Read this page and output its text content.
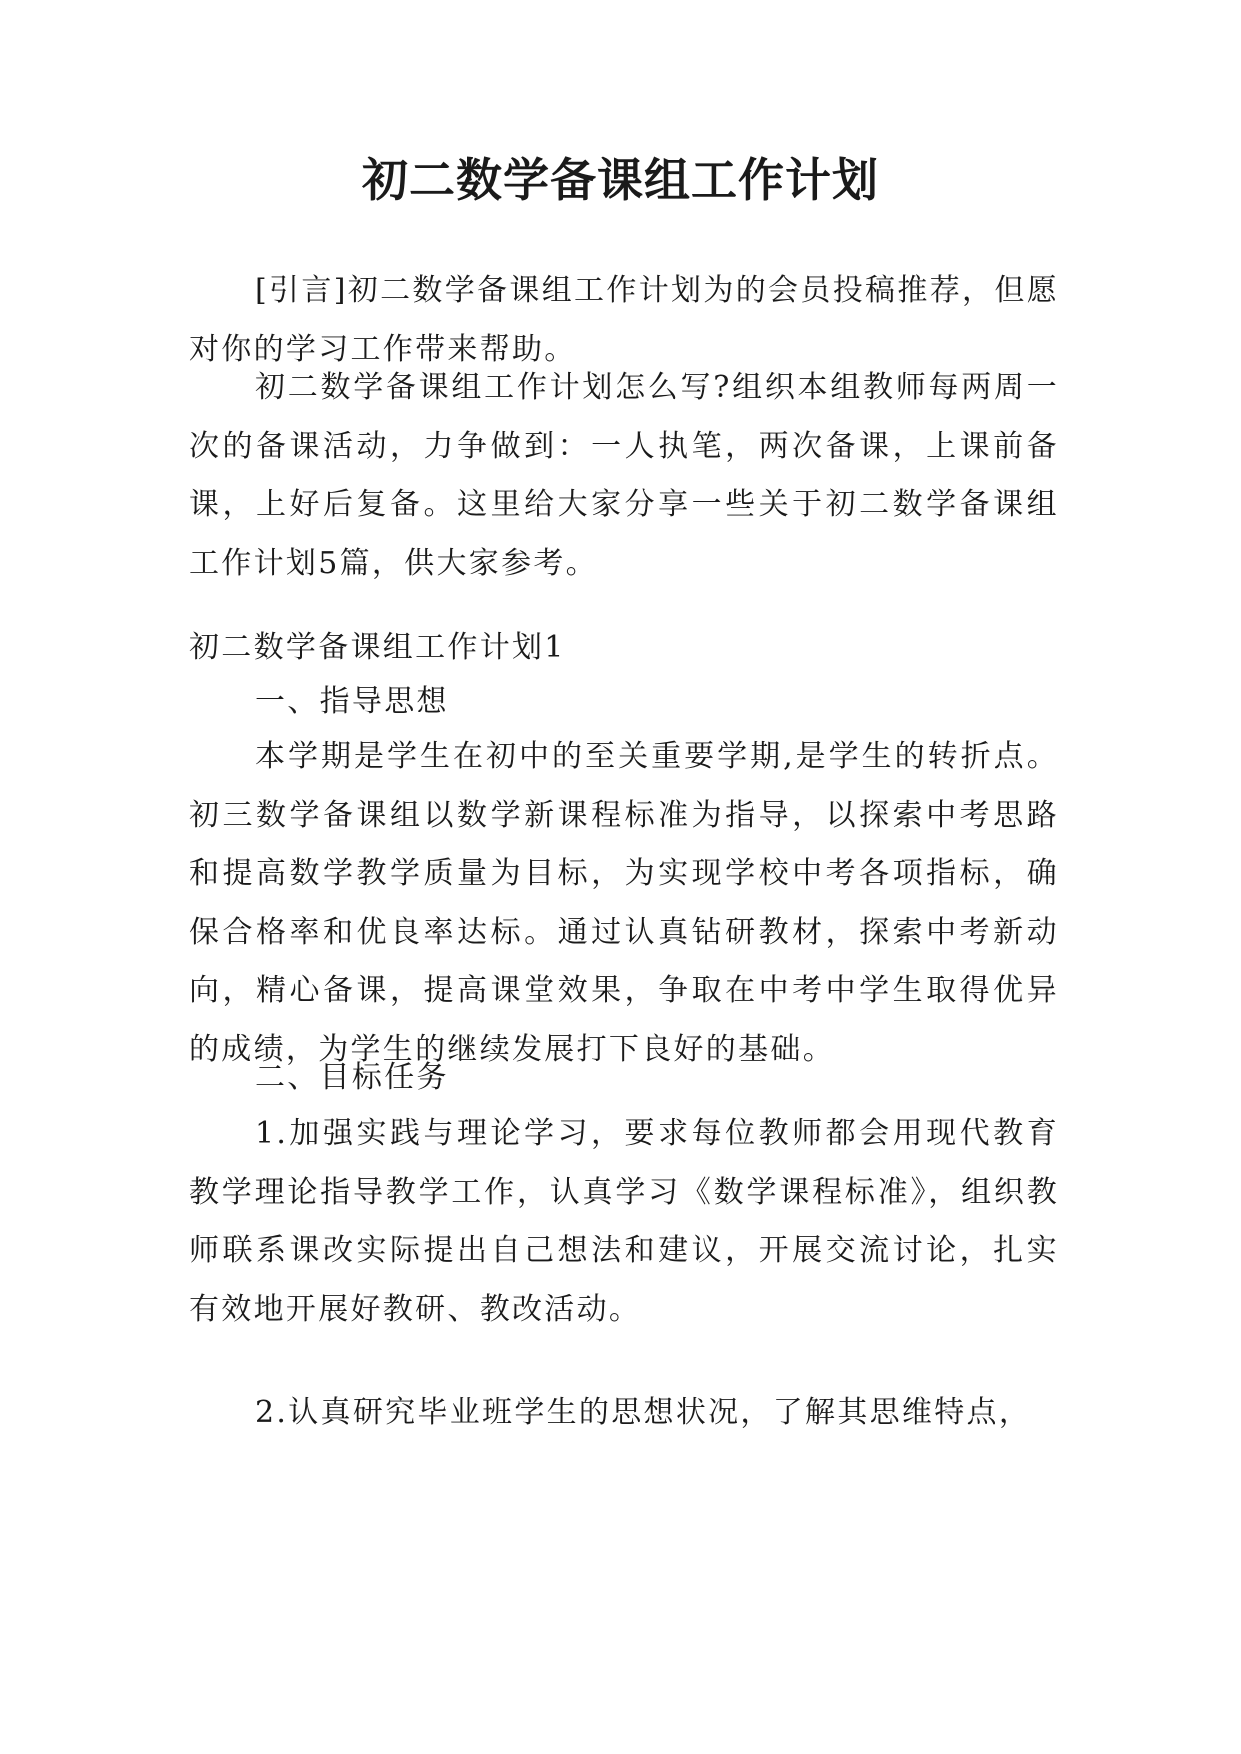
初二数学备课组工作计划

[引言]初二数学备课组工作计划为的会员投稿推荐，但愿对你的学习工作带来帮助。

初二数学备课组工作计划怎么写?组织本组教师每两周一次的备课活动，力争做到：一人执笔，两次备课，上课前备课，上好后复备。这里给大家分享一些关于初二数学备课组工作计划5篇，供大家参考。

初二数学备课组工作计划1

一、指导思想

本学期是学生在初中的至关重要学期,是学生的转折点。初三数学备课组以数学新课程标准为指导，以探索中考思路和提高数学教学质量为目标，为实现学校中考各项指标，确保合格率和优良率达标。通过认真钻研教材，探索中考新动向，精心备课，提高课堂效果，争取在中考中学生取得优异的成绩，为学生的继续发展打下良好的基础。

二、目标任务

1.加强实践与理论学习，要求每位教师都会用现代教育教学理论指导教学工作，认真学习《数学课程标准》，组织教师联系课改实际提出自己想法和建议，开展交流讨论，扎实有效地开展好教研、教改活动。

2.认真研究毕业班学生的思想状况，了解其思维特点，
